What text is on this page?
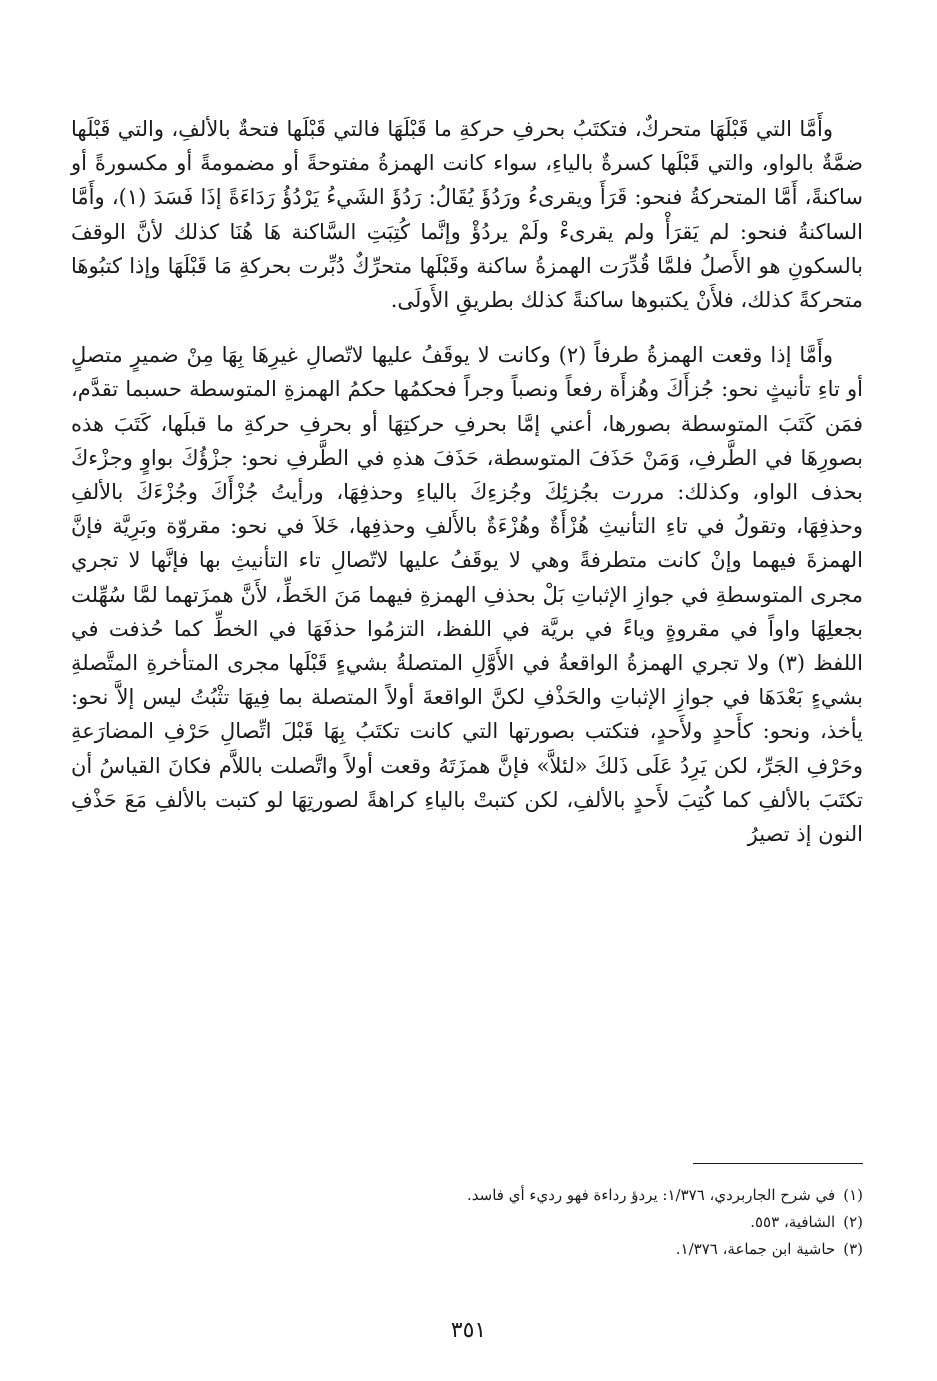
وأَمَّا التي قَبْلَهَا متحركٌ، فتكتَبُ بحرفِ حركةِ ما قَبْلَهَا فالتي قَبْلَها فتحةٌ بالألفِ، والتي قَبْلَها ضمَّةٌ بالواو، والتي قَبْلَها كسرةٌ بالياءِ، سواء كانت الهمزةُ مفتوحةً أو مضمومةً أو مكسورةً أو ساكنةً، أَمَّا المتحركةُ فنحو: قَرَأَ ويقرىءُ ورَدُؤَ يُقَالُ: رَدُؤَ الشَيءُ يَرْدُؤُ رَدَاءَةً إذَا فَسَدَ (١)، وأَمَّا الساكنةُ فنحو: لم يَقرَأْ ولم يقرىءْ ولَمْ يردُؤْ وإنَّما كُتِبَتِ السَّاكنة هَا هُنَا كذلك لأنَّ الوقفَ بالسكونِ هو الأَصلُ فلمَّا قُدِّرَت الهمزةُ ساكنة وقَبْلَها متحرِّكٌ دُبِّرت بحركةِ مَا قَبْلَهَا وإذا كتبُوهَا متحركةً كذلك، فلأَنْ يكتبوها ساكنةً كذلك بطريقِ الأَولَى.

وأَمَّا إذا وقعت الهمزةُ طرفاً (٢) وكانت لا يوقَفُ عليها لاتّصالِ غيرِهَا بِهَا مِنْ ضميرٍ متصلٍ أو تاءِ تأنيثٍ نحو: جُزأَكَ وهُزأَة رفعاً ونصباً وجراً فحكمُها حكمُ الهمزةِ المتوسطة حسبما تقدَّم، فمَن كَتَبَ المتوسطة بصورها، أعني إمَّا بحرفِ حركتِهَا أو بحرفِ حركةِ ما قبلَها، كَتَبَ هذه بصورِهَا في الطَّرفِ، وَمَنْ حَذَفَ المتوسطة، حَذَفَ هذهِ في الطَّرفِ نحو: جزْؤُكَ بواوٍ وجزْءكَ بحذف الواو، وكذلك: مررت بجُزئِكَ وجُزءِكَ بالياءِ وحذفِهَا، ورأيتُ جُزْأَكَ وجُزْءَكَ بالألفِ وحذفِهَا، وتقولُ في تاءِ التأنيثِ هُزْأَةٌ وهُزْءَةٌ بالأَلفِ وحذفِها، خَلاَ في نحو: مقروّة وبَرِيَّة فإنَّ الهمزةَ فيهما وإنْ كانت متطرفةً وهي لا يوقَفُ عليها لاتّصالِ تاء التأنيثِ بها فإنَّها لا تجري مجرى المتوسطةِ في جوازِ الإثباتِ بَلْ بحذفِ الهمزةِ فيهما مَنَ الخَطِّ، لأَنَّ همزَتهما لمَّا سُهِّلت بجعلِهَا واواً في مقروةٍ وياءً في بريَّة في اللفظ، التزمُوا حذفَهَا في الخطِّ كما حُذفت في اللفظ (٣) ولا تجري الهمزةُ الواقعةُ في الأَوَّلِ المتصلةُ بشيءٍ قَبْلَها مجرى المتأخرةِ المتَّصلةِ بشيءٍ بَعْدَهَا في جوازِ الإثباتِ والحَذْفِ لكنَّ الواقعةَ أولاً المتصلة بما فِيهَا تثْبُتُ ليس إلاَّ نحو: يأخذ، ونحو: كأَحدٍ ولأَحدٍ، فتكتب بصورتها التي كانت تكتَبُ بِهَا قَبْلَ اتِّصالِ حَرْفِ المضارَعةِ وحَرْفِ الجَرِّ، لكن يَرِدُ عَلَى ذَلكَ «لئلاَّ» فإنَّ همزَتَهُ وقعت أولاً واتَّصلت باللاَّم فكانَ القياسُ أن تكتَبَ بالألفِ كما كُتِبَ لأَحدٍ بالألفِ، لكن كتبتْ بالياءِ كراهةً لصورتِهَا لو كتبت بالألفِ مَعَ حَذْفِ النون إذ تصيرُ

(١)في شرح الجاربردي، ١/٣٧٦: يردؤ رداءة فهو رديء أي فاسد.
(٢)الشافية، ٥٥٣.
(٣)حاشية ابن جماعة، ١/٣٧٦.
٣٥١
